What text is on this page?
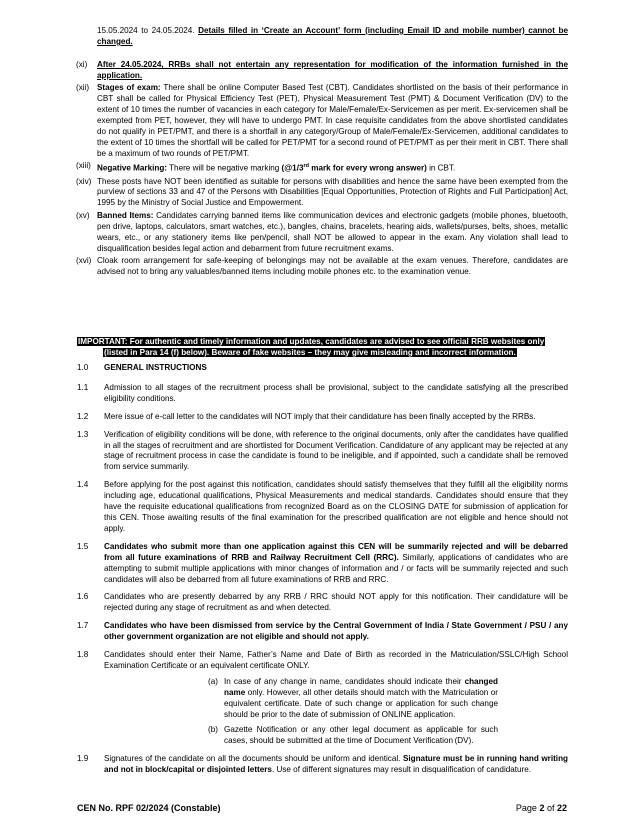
15.05.2024 to 24.05.2024. Details filled in ‘Create an Account’ form (including Email ID and mobile number) cannot be changed.
(xi) After 24.05.2024, RRBs shall not entertain any representation for modification of the information furnished in the application.
(xii) Stages of exam: There shall be online Computer Based Test (CBT). Candidates shortlisted on the basis of their performance in CBT shall be called for Physical Efficiency Test (PET), Physical Measurement Test (PMT) & Document Verification (DV) to the extent of 10 times the number of vacancies in each category for Male/Female/Ex-Servicemen as per merit. Ex-servicemen shall be exempted from PET, however, they will have to undergo PMT. In case requisite candidates from the above shortlisted candidates do not qualify in PET/PMT, and there is a shortfall in any category/Group of Male/Female/Ex-Servicemen, additional candidates to the extent of 10 times the shortfall will be called for PET/PMT for a second round of PET/PMT as per their merit in CBT. There shall be a maximum of two rounds of PET/PMT.
(xiii) Negative Marking: There will be negative marking (@1/3rd mark for every wrong answer) in CBT.
(xiv) These posts have NOT been identified as suitable for persons with disabilities and hence the same have been exempted from the purview of sections 33 and 47 of the Persons with Disabilities [Equal Opportunities, Protection of Rights and Full Participation] Act, 1995 by the Ministry of Social Justice and Empowerment.
(xv) Banned Items: Candidates carrying banned items like communication devices and electronic gadgets (mobile phones, bluetooth, pen drive, laptops, calculators, smart watches, etc.), bangles, chains, bracelets, hearing aids, wallets/purses, belts, shoes, metallic wears, etc., or any stationery items like pen/pencil, shall NOT be allowed to appear in the exam. Any violation shall lead to disqualification besides legal action and debarment from future recruitment exams.
(xvi) Cloak room arrangement for safe-keeping of belongings may not be available at the exam venues. Therefore, candidates are advised not to bring any valuables/banned items including mobile phones etc. to the examination venue.
IMPORTANT: For authentic and timely information and updates, candidates are advised to see official RRB websites only
(listed in Para 14 (f) below). Beware of fake websites – they may give misleading and incorrect information.
1.0 GENERAL INSTRUCTIONS
1.1 Admission to all stages of the recruitment process shall be provisional, subject to the candidate satisfying all the prescribed eligibility conditions.
1.2 Mere issue of e-call letter to the candidates will NOT imply that their candidature has been finally accepted by the RRBs.
1.3 Verification of eligibility conditions will be done, with reference to the original documents, only after the candidates have qualified in all the stages of recruitment and are shortlisted for Document Verification. Candidature of any applicant may be rejected at any stage of recruitment process in case the candidate is found to be ineligible, and if appointed, such a candidate shall be removed from service summarily.
1.4 Before applying for the post against this notification, candidates should satisfy themselves that they fulfill all the eligibility norms including age, educational qualifications, Physical Measurements and medical standards. Candidates should ensure that they have the requisite educational qualifications from recognized Board as on the CLOSING DATE for submission of application for this CEN. Those awaiting results of the final examination for the prescribed qualification are not eligible and hence should not apply.
1.5 Candidates who submit more than one application against this CEN will be summarily rejected and will be debarred from all future examinations of RRB and Railway Recruitment Cell (RRC). Similarly, applications of candidates who are attempting to submit multiple applications with minor changes of information and / or facts will be summarily rejected and such candidates will also be debarred from all future examinations of RRB and RRC.
1.6 Candidates who are presently debarred by any RRB / RRC should NOT apply for this notification. Their candidature will be rejected during any stage of recruitment as and when detected.
1.7 Candidates who have been dismissed from service by the Central Government of India / State Government / PSU / any other government organization are not eligible and should not apply.
1.8 Candidates should enter their Name, Father’s Name and Date of Birth as recorded in the Matriculation/SSLC/High School Examination Certificate or an equivalent certificate ONLY.
(a) In case of any change in name, candidates should indicate their changed name only. However, all other details should match with the Matriculation or equivalent certificate. Date of such change or application for such change should be prior to the date of submission of ONLINE application.
(b) Gazette Notification or any other legal document as applicable for such cases, should be submitted at the time of Document Verification (DV).
1.9 Signatures of the candidate on all the documents should be uniform and identical. Signature must be in running hand writing and not in block/capital or disjointed letters. Use of different signatures may result in disqualification of candidature.
CEN No. RPF 02/2024 (Constable)	Page 2 of 22
